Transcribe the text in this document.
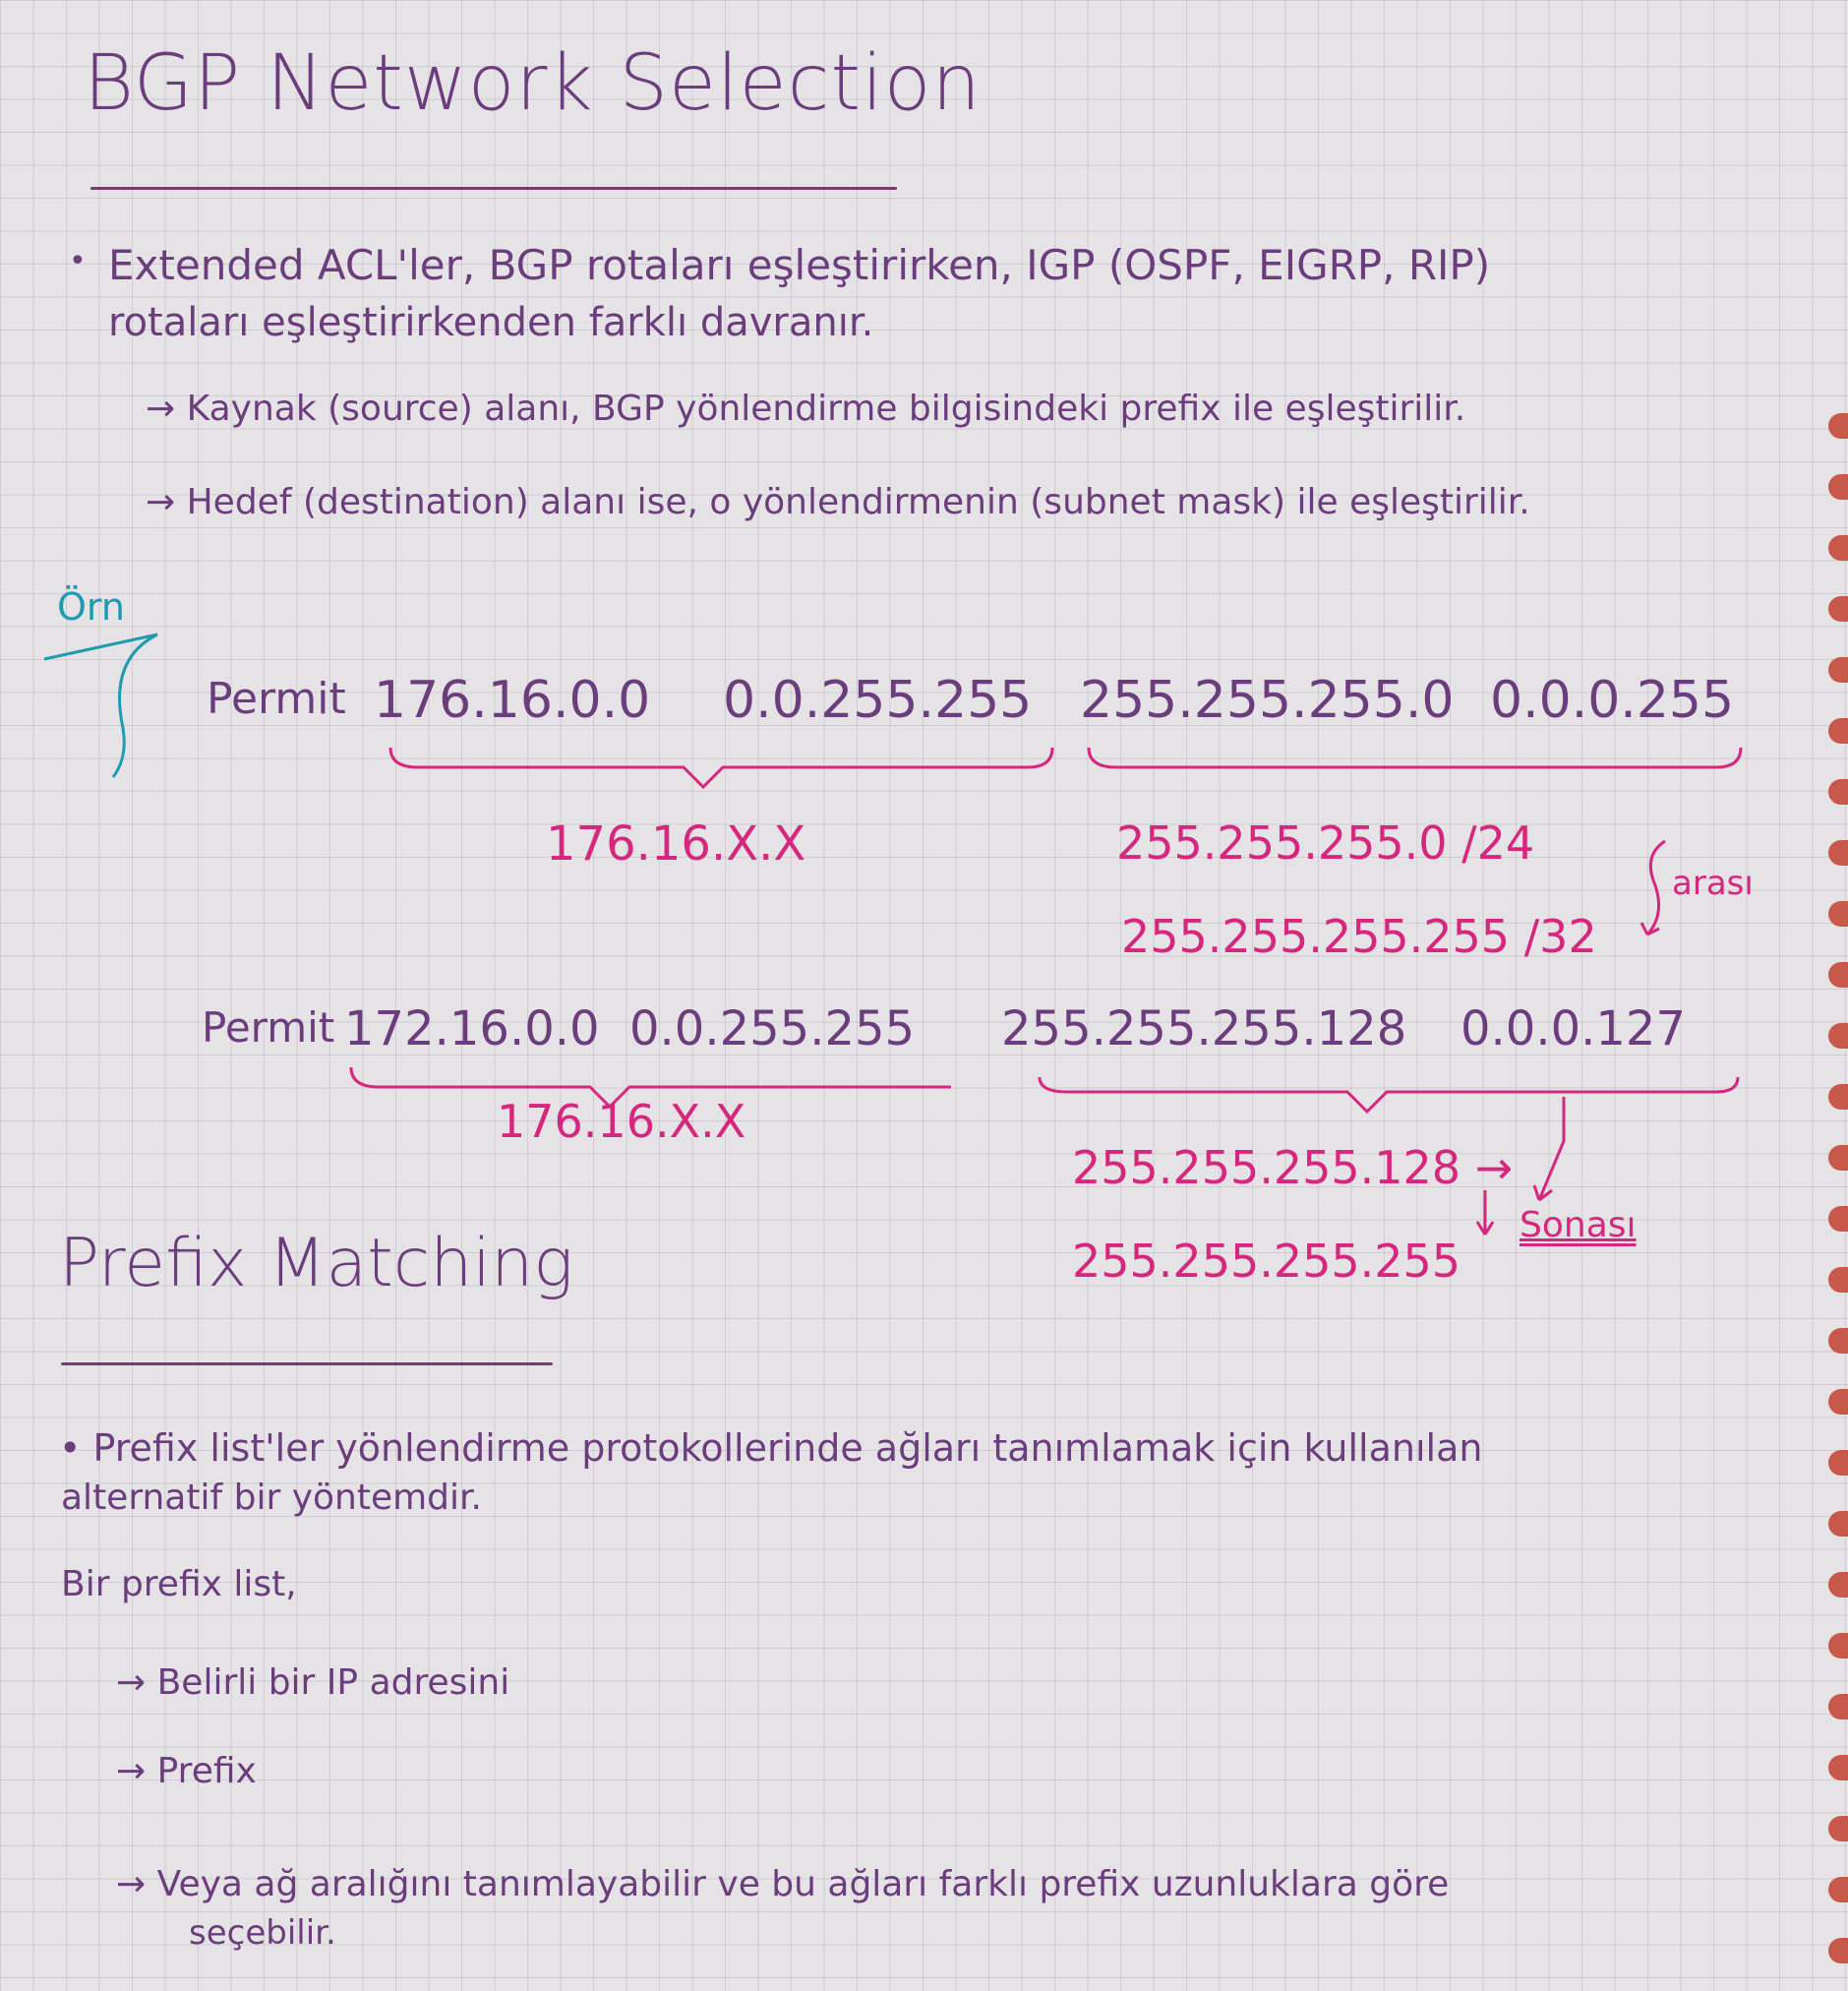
BGP Network Selection
• Extended ACL'ler, BGP rotaları eşleştirirken, IGP (OSPF, EIGRP, RIP)
rotaları eşleştirirkenden farklı davranır.
→ Kaynak (source) alanı, BGP yönlendirme bilgisindeki prefix ile eşleştirilir.
→ Hedef (destination) alanı ise, o yönlendirmenin (subnet mask) ile eşleştirilir.
Örn
Permit 176.16.0.0 0.0.255.255 255.255.255.0 0.0.0.255
176.16.X.X	255.255.255.0 /24
255.255.255.255 /32
arası
Permit 172.16.0.0 0.0.255.255 255.255.255.128 0.0.0.127
176.16.X.X
255.255.255.128 →
255.255.255.255
Sonası
Prefix Matching
• Prefix list'ler yönlendirme protokollerinde ağları tanımlamak için kullanılan
alternatif bir yöntemdir.
Bir prefix list,
→ Belirli bir IP adresini
→ Prefix
→ Veya ağ aralığını tanımlayabilir ve bu ağları farklı prefix uzunluklara göre
seçebilir.
